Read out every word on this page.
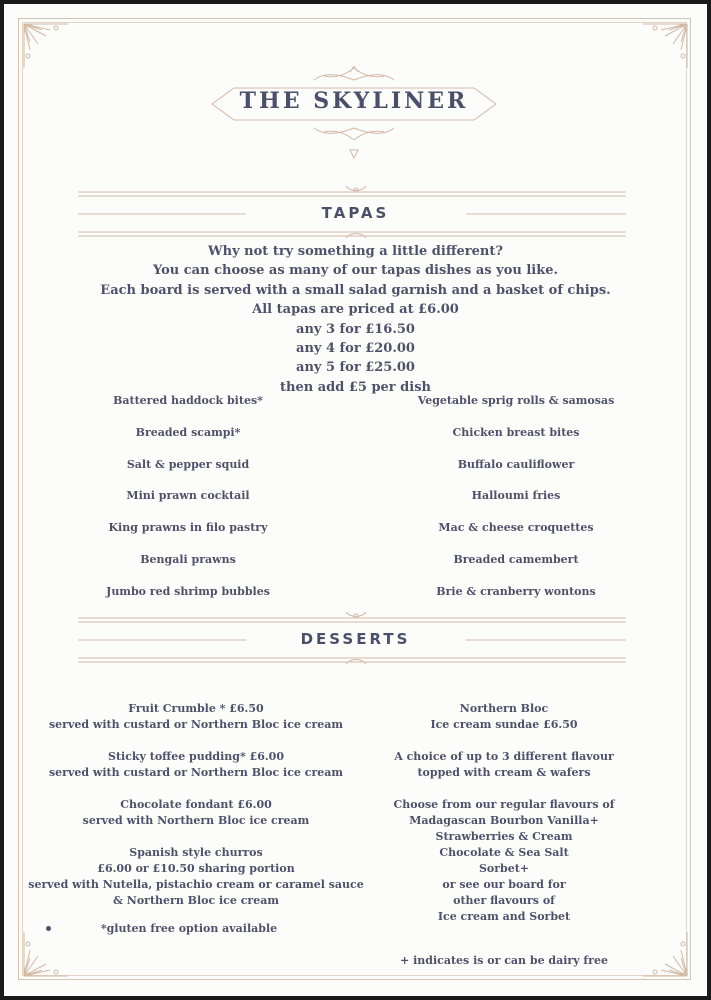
THE SKYLINER
TAPAS
Why not try something a little different?
You can choose as many of our tapas dishes as you like.
Each board is served with a small salad garnish and a basket of chips.
All tapas are priced at £6.00
any 3 for £16.50
any 4 for £20.00
any 5 for £25.00
then add £5 per dish
Battered haddock bites*
Breaded scampi*
Salt & pepper squid
Mini prawn cocktail
King prawns in filo pastry
Bengali prawns
Jumbo red shrimp bubbles
Vegetable sprig rolls & samosas
Chicken breast bites
Buffalo cauliflower
Halloumi fries
Mac & cheese croquettes
Breaded camembert
Brie & cranberry wontons
DESSERTS
Fruit Crumble * £6.50
served with custard or Northern Bloc ice cream
Sticky toffee pudding* £6.00
served with custard or Northern Bloc ice cream
Chocolate fondant £6.00
served with Northern Bloc ice cream
Spanish style churros
£6.00 or £10.50 sharing portion
served with Nutella, pistachio cream or caramel sauce
& Northern Bloc ice cream
Northern Bloc
Ice cream sundae £6.50
A choice of up to 3 different flavour
topped with cream & wafers
Choose from our regular flavours of
Madagascan Bourbon Vanilla+
Strawberries & Cream
Chocolate & Sea Salt
Sorbet+
or see our board for
other flavours of
Ice cream and Sorbet
*gluten free option available
+ indicates is or can be dairy free
